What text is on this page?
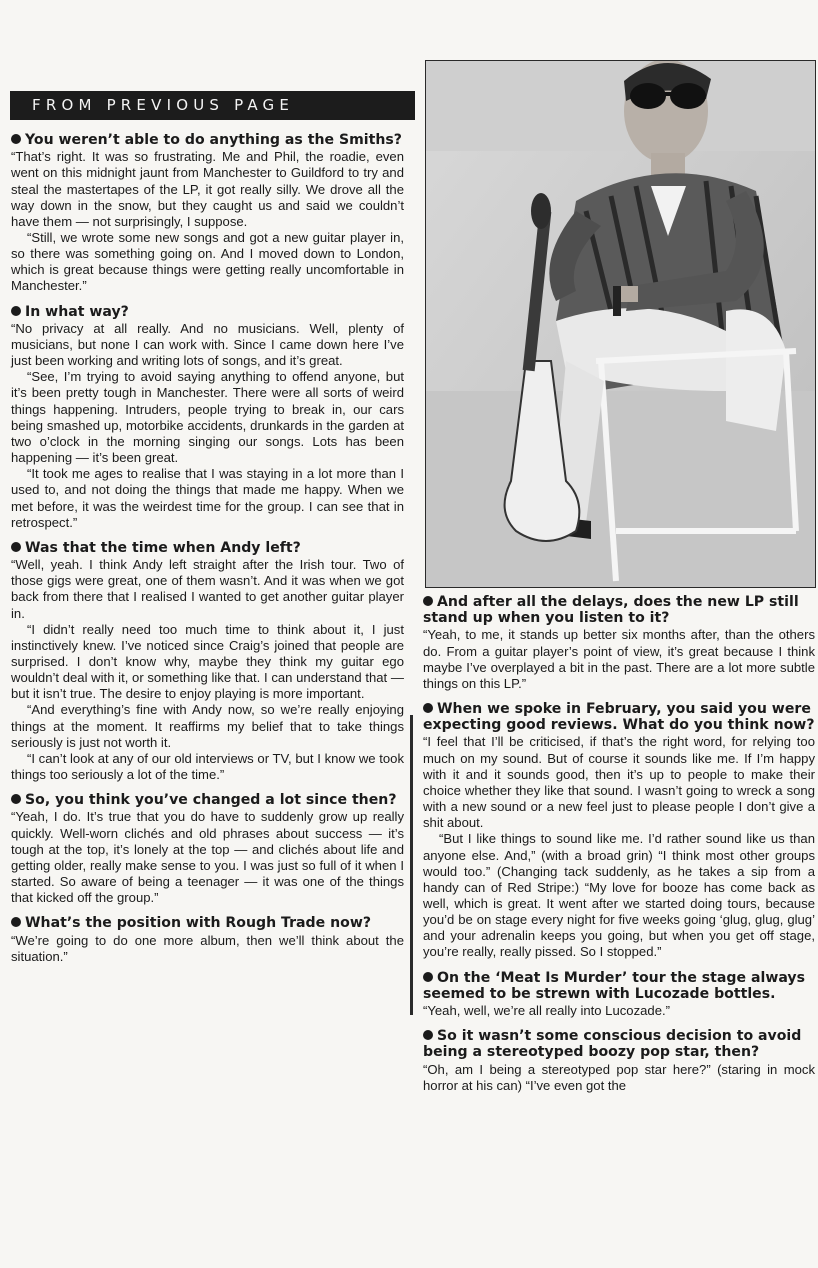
FROM PREVIOUS PAGE

You weren’t able to do anything as the Smiths?

“That’s right. It was so frustrating. Me and Phil, the roadie, even went on this midnight jaunt from Manchester to Guildford to try and steal the mastertapes of the LP, it got really silly. We drove all the way down in the snow, but they caught us and said we couldn’t have them — not surprisingly, I suppose.

“Still, we wrote some new songs and got a new guitar player in, so there was something going on. And I moved down to London, which is great because things were getting really uncomfortable in Manchester.”

In what way?

“No privacy at all really. And no musicians. Well, plenty of musicians, but none I can work with. Since I came down here I’ve just been working and writing lots of songs, and it’s great.

“See, I’m trying to avoid saying anything to offend anyone, but it’s been pretty tough in Manchester. There were all sorts of weird things happening. Intruders, people trying to break in, our cars being smashed up, motorbike accidents, drunkards in the garden at two o’clock in the morning singing our songs. Lots has been happening — it’s been great.

“It took me ages to realise that I was staying in a lot more than I used to, and not doing the things that made me happy. When we met before, it was the weirdest time for the group. I can see that in retrospect.”

Was that the time when Andy left?

“Well, yeah. I think Andy left straight after the Irish tour. Two of those gigs were great, one of them wasn’t. And it was when we got back from there that I realised I wanted to get another guitar player in.

“I didn’t really need too much time to think about it, I just instinctively knew. I’ve noticed since Craig’s joined that people are surprised. I don’t know why, maybe they think my guitar ego wouldn’t deal with it, or something like that. I can understand that — but it isn’t true. The desire to enjoy playing is more important.

“And everything’s fine with Andy now, so we’re really enjoying things at the moment. It reaffirms my belief that to take things seriously is just not worth it.

“I can’t look at any of our old interviews or TV, but I know we took things too seriously a lot of the time.”

So, you think you’ve changed a lot since then?

“Yeah, I do. It’s true that you do have to suddenly grow up really quickly. Well-worn clichés and old phrases about success — it’s tough at the top, it’s lonely at the top — and clichés about life and getting older, really make sense to you. I was just so full of it when I started. So aware of being a teenager — it was one of the things that kicked off the group.”

What’s the position with Rough Trade now?

“We’re going to do one more album, then we’ll think about the situation.”

And after all the delays, does the new LP still stand up when you listen to it?

“Yeah, to me, it stands up better six months after, than the others do. From a guitar player’s point of view, it’s great because I think maybe I’ve overplayed a bit in the past. There are a lot more subtle things on this LP.”

When we spoke in February, you said you were expecting good reviews. What do you think now?

“I feel that I’ll be criticised, if that’s the right word, for relying too much on my sound. But of course it sounds like me. If I’m happy with it and it sounds good, then it’s up to people to make their choice whether they like that sound. I wasn’t going to wreck a song with a new sound or a new feel just to please people I don’t give a shit about.

“But I like things to sound like me. I’d rather sound like us than anyone else. And,” (with a broad grin) “I think most other groups would too.” (Changing tack suddenly, as he takes a sip from a handy can of Red Stripe:) “My love for booze has come back as well, which is great. It went after we started doing tours, because you’d be on stage every night for five weeks going ‘glug, glug, glug’ and your adrenalin keeps you going, but when you get off stage, you’re really, really pissed. So I stopped.”

On the ‘Meat Is Murder’ tour the stage always seemed to be strewn with Lucozade bottles.

“Yeah, well, we’re all really into Lucozade.”

So it wasn’t some conscious decision to avoid being a stereotyped boozy pop star, then?

“Oh, am I being a stereotyped pop star here?” (staring in mock horror at his can) “I’ve even got the
